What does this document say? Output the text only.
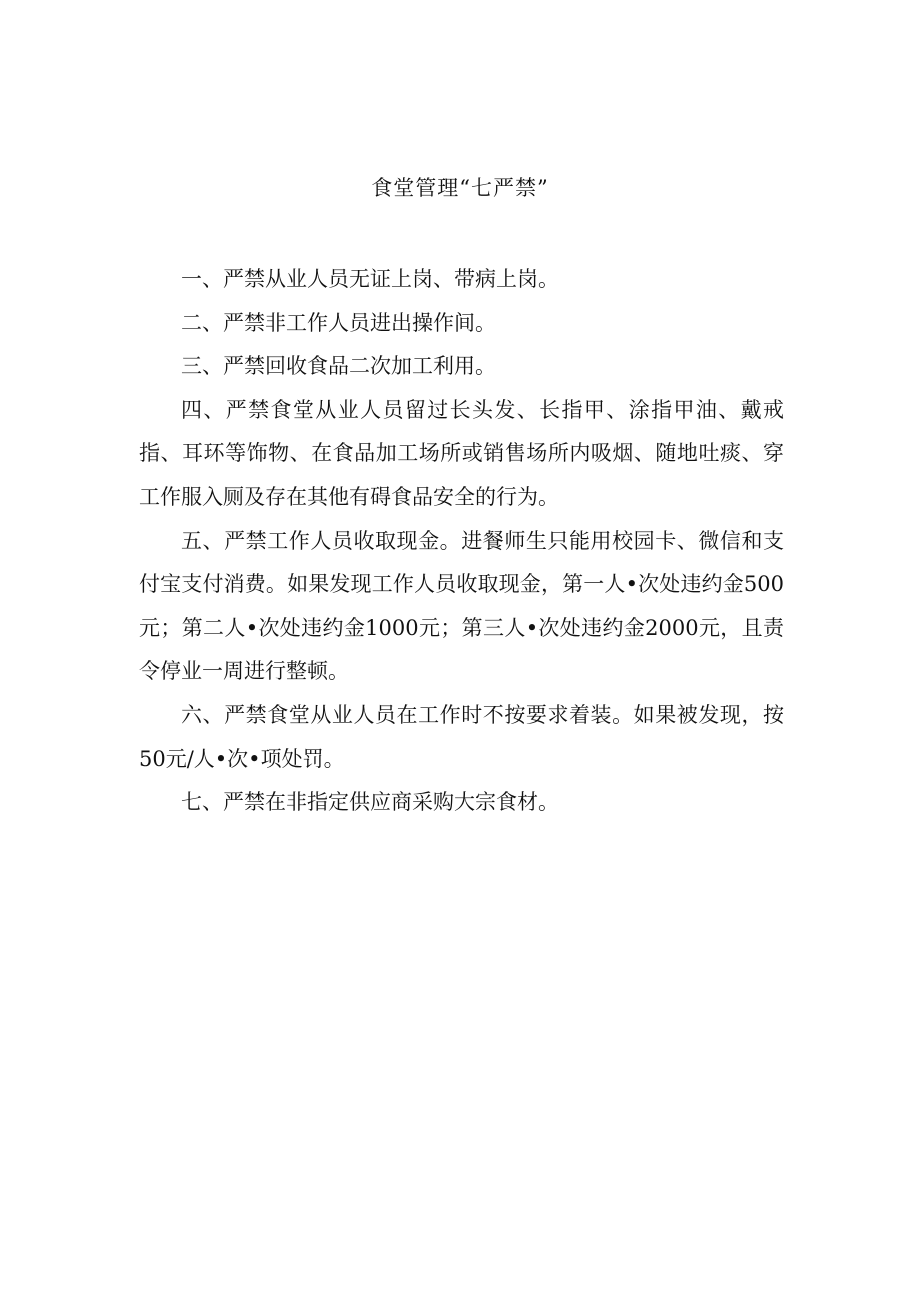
食堂管理“七严禁”

一、严禁从业人员无证上岗、带病上岗。

二、严禁非工作人员进出操作间。

三、严禁回收食品二次加工利用。

四、严禁食堂从业人员留过长头发、长指甲、涂指甲油、戴戒指、耳环等饰物、在食品加工场所或销售场所内吸烟、随地吐痰、穿工作服入厕及存在其他有碍食品安全的行为。

五、严禁工作人员收取现金。进餐师生只能用校园卡、微信和支付宝支付消费。如果发现工作人员收取现金，第一人•次处违约金500元；第二人•次处违约金1000元；第三人•次处违约金2000元，且责令停业一周进行整顿。

六、严禁食堂从业人员在工作时不按要求着装。如果被发现，按50元/人•次•项处罚。

七、严禁在非指定供应商采购大宗食材。
